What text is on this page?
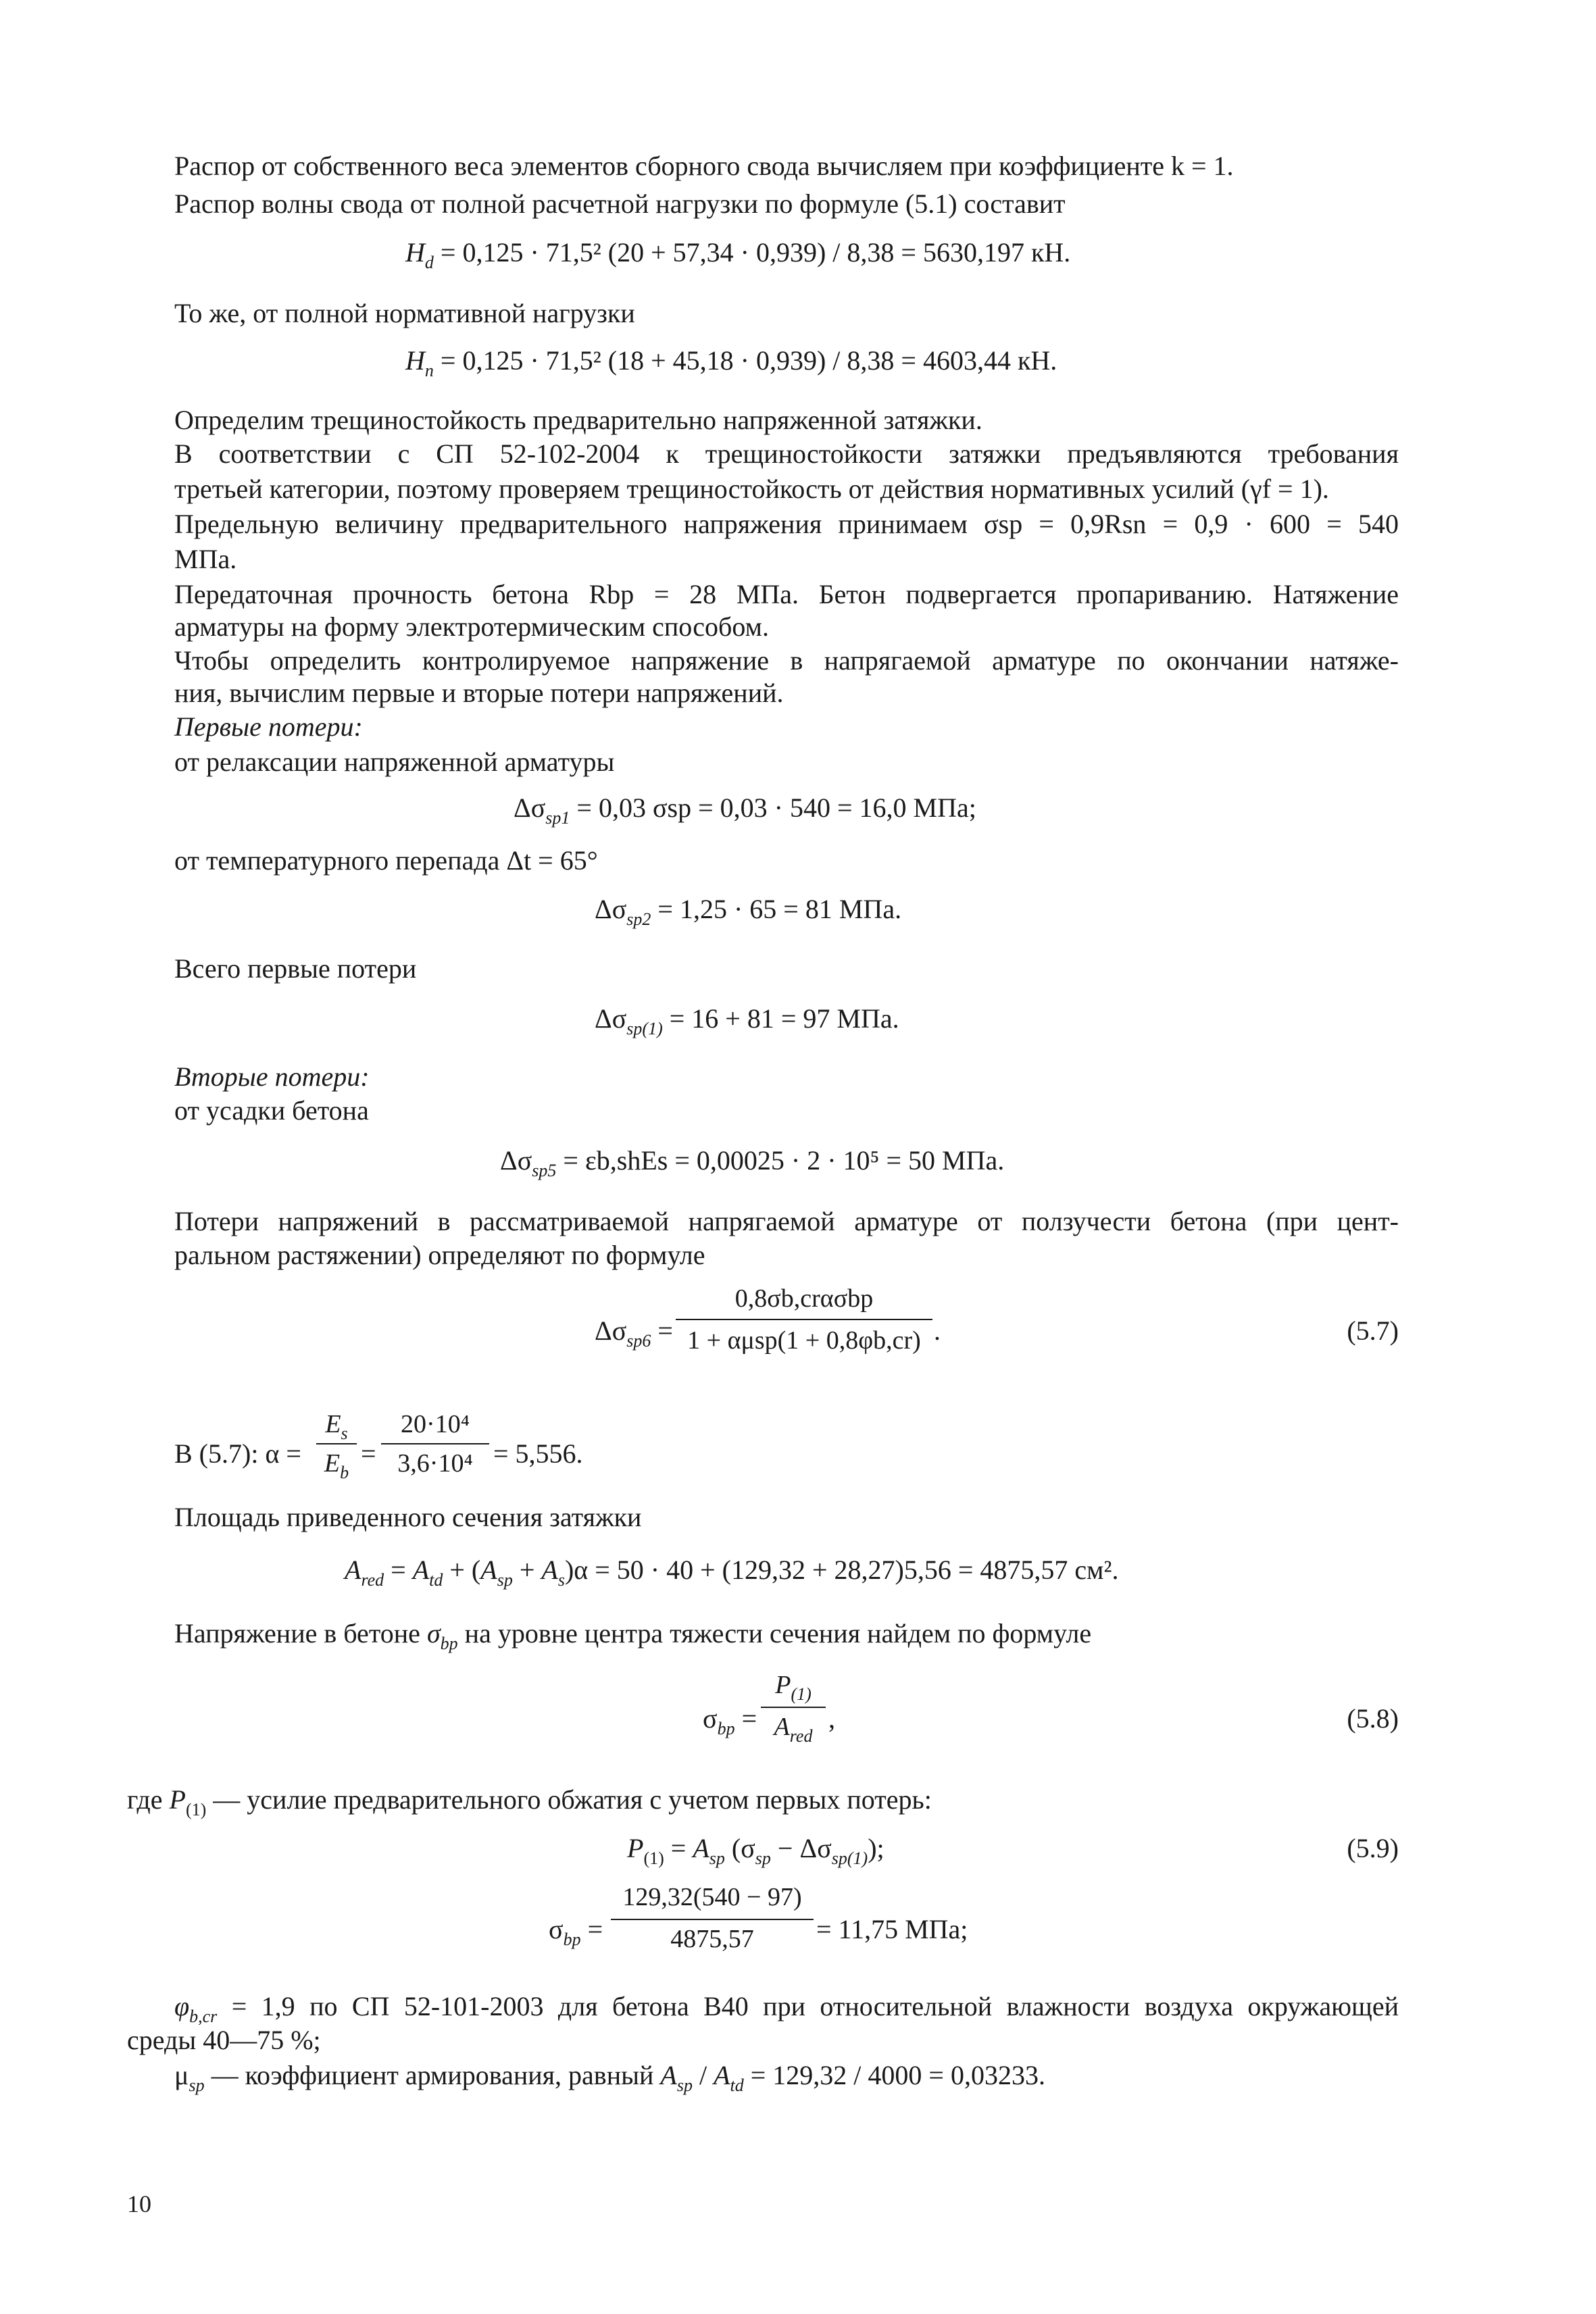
Распор от собственного веса элементов сборного свода вычисляем при коэффициенте k = 1.
Распор волны свода от полной расчетной нагрузки по формуле (5.1) составит
$H_d = 0,125 \cdot 71,5^2$ (20 + 57,34 · 0,939) / 8,38 = 5630,197 кН.
То же, от полной нормативной нагрузки
$H_n = 0,125 \cdot 71,5^2$ (18 + 45,18 · 0,939) / 8,38 = 4603,44 кН.
Определим трещиностойкость предварительно напряженной затяжки.
В соответствии с СП 52-102-2004 к трещиностойкости затяжки предъявляются требования
третьей категории, поэтому проверяем трещиностойкость от действия нормативных усилий (γf = 1).
Предельную величину предварительного напряжения принимаем σsp = 0,9Rsn = 0,9 · 600 = 540
МПа.
Передаточная прочность бетона Rbp = 28 МПа. Бетон подвергается пропариванию. Натяжение
арматуры на форму электротермическим способом.
Чтобы определить контролируемое напряжение в напрягаемой арматуре по окончании натяже-
ния, вычислим первые и вторые потери напряжений.
Первые потери:
от релаксации напряженной арматуры
$\Delta\sigma_{sp1} = 0,03$ σsp = 0,03 · 540 = 16,0 МПа;
от температурного перепада Δt = 65°
$\Delta\sigma_{sp2} = 1,25 \cdot 65 = 81$ МПа.
Всего первые потери
$\Delta\sigma_{sp(1)} = 16 + 81 = 97$ МПа.
Вторые потери:
от усадки бетона
$\Delta\sigma_{sp5}$ = εb,shEs = 0,00025 · 2 · 10⁵ = 50 МПа.
Потери напряжений в рассматриваемой напрягаемой арматуре от ползучести бетона (при цент-
ральном растяжении) определяют по формуле
$\Delta\sigma_{sp6}$ =
0,8σb,crασbp
1 + αμsp(1 + 0,8φb,cr) .	(5.7)
В (5.7): α =
$E_s$
$E_b$
=
20·10⁴
3,6·10⁴ = 5,556.
Площадь приведенного сечения затяжки
$A_{red} = A_{td} + (A_{sp} + A_s)\alpha = 50 \cdot 40 + (129,32 + 28,27)5,56 = 4875,57$ см².
Напряжение в бетоне $\sigma_{bp}$ на уровне центра тяжести сечения найдем по формуле
$\sigma_{bp}$ =
$P_{(1)}$
$A_{red}$
,	(5.8)
где $P_{(1)}$ — усилие предварительного обжатия с учетом первых потерь:
$P_{(1)} = A_{sp}$ $(\sigma_{sp} - \Delta\sigma_{sp(1)})$;	(5.9)
$\sigma_{bp}$ =
129,32(540 − 97)
4875,57	= 11,75 МПа;
$\varphi_{b,cr} = 1,9$ по СП 52-101-2003 для бетона В40 при относительной влажности воздуха окружающей
среды 40—75 %;
$\mu_{sp}$ — коэффициент армирования, равный $A_{sp} / A_{td} = 129,32 / 4000 = 0,03233$.
10
